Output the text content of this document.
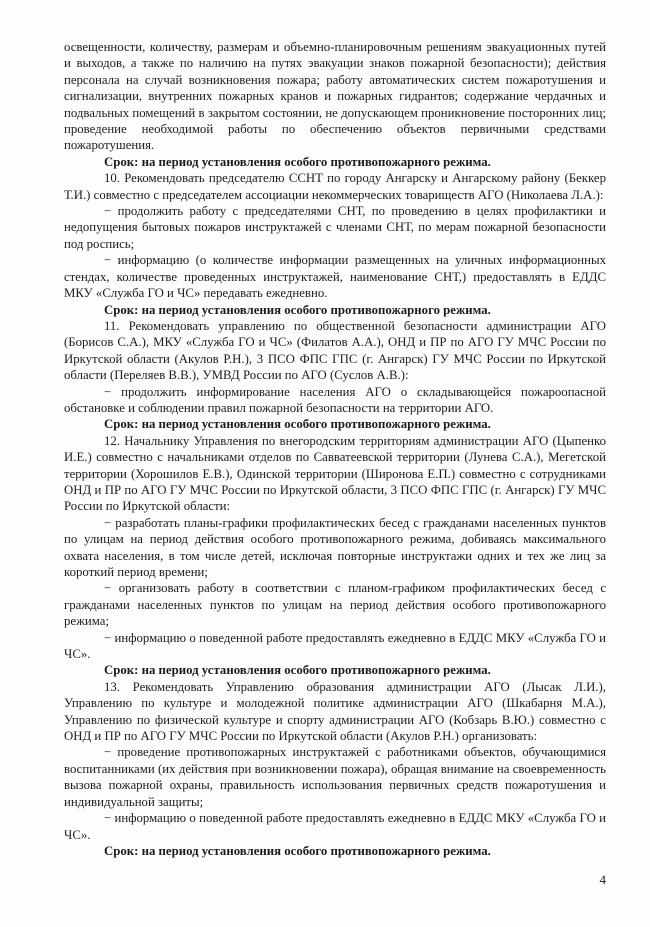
освещенности, количеству, размерам и объемно-планировочным решениям эвакуационных путей и выходов, а также по наличию на путях эвакуации знаков пожарной безопасности); действия персонала на случай возникновения пожара; работу автоматических систем пожаротушения и сигнализации, внутренних пожарных кранов и пожарных гидрантов; содержание чердачных и подвальных помещений в закрытом состоянии, не допускающем проникновение посторонних лиц; проведение необходимой работы по обеспечению объектов первичными средствами пожаротушения.

Срок: на период установления особого противопожарного режима.

10. Рекомендовать председателю ССНТ по городу Ангарску и Ангарскому району (Беккер Т.И.) совместно с председателем ассоциации некоммерческих товариществ АГО (Николаева Л.А.):

− продолжить работу с председателями СНТ, по проведению в целях профилактики и недопущения бытовых пожаров инструктажей с членами СНТ, по мерам пожарной безопасности под роспись;

− информацию (о количестве информации размещенных на уличных информационных стендах, количестве проведенных инструктажей, наименование СНТ,) предоставлять в ЕДДС МКУ «Служба ГО и ЧС» передавать ежедневно.

Срок: на период установления особого противопожарного режима.

11. Рекомендовать управлению по общественной безопасности администрации АГО (Борисов С.А.), МКУ «Служба ГО и ЧС» (Филатов А.А.), ОНД и ПР по АГО ГУ МЧС России по Иркутской области (Акулов Р.Н.), 3 ПСО ФПС ГПС (г. Ангарск) ГУ МЧС России по Иркутской области (Переляев В.В.), УМВД России по АГО (Суслов А.В.):

− продолжить информирование населения АГО о складывающейся пожароопасной обстановке и соблюдении правил пожарной безопасности на территории АГО.

Срок: на период установления особого противопожарного режима.

12. Начальнику Управления по внегородским территориям администрации АГО (Цыпенко И.Е.) совместно с начальниками отделов по Савватеевской территории (Лунева С.А.), Мегетской территории (Хорошилов Е.В.), Одинской территории (Широнова Е.П.) совместно с сотрудниками ОНД и ПР по АГО ГУ МЧС России по Иркутской области, 3 ПСО ФПС ГПС (г. Ангарск) ГУ МЧС России по Иркутской области:

− разработать планы-графики профилактических бесед с гражданами населенных пунктов по улицам на период действия особого противопожарного режима, добиваясь максимального охвата населения, в том числе детей, исключая повторные инструктажи одних и тех же лиц за короткий период времени;

− организовать работу в соответствии с планом-графиком профилактических бесед с гражданами населенных пунктов по улицам на период действия особого противопожарного режима;

− информацию о поведенной работе предоставлять ежедневно в ЕДДС МКУ «Служба ГО и ЧС».

Срок: на период установления особого противопожарного режима.

13. Рекомендовать Управлению образования администрации АГО (Лысак Л.И.), Управлению по культуре и молодежной политике администрации АГО (Шкабарня М.А.), Управлению по физической культуре и спорту администрации АГО (Кобзарь В.Ю.) совместно с ОНД и ПР по АГО ГУ МЧС России по Иркутской области (Акулов Р.Н.) организовать:

− проведение противопожарных инструктажей с работниками объектов, обучающимися воспитанниками (их действия при возникновении пожара), обращая внимание на своевременность вызова пожарной охраны, правильность использования первичных средств пожаротушения и индивидуальной защиты;

− информацию о поведенной работе предоставлять ежедневно в ЕДДС МКУ «Служба ГО и ЧС».

Срок: на период установления особого противопожарного режима.

4
